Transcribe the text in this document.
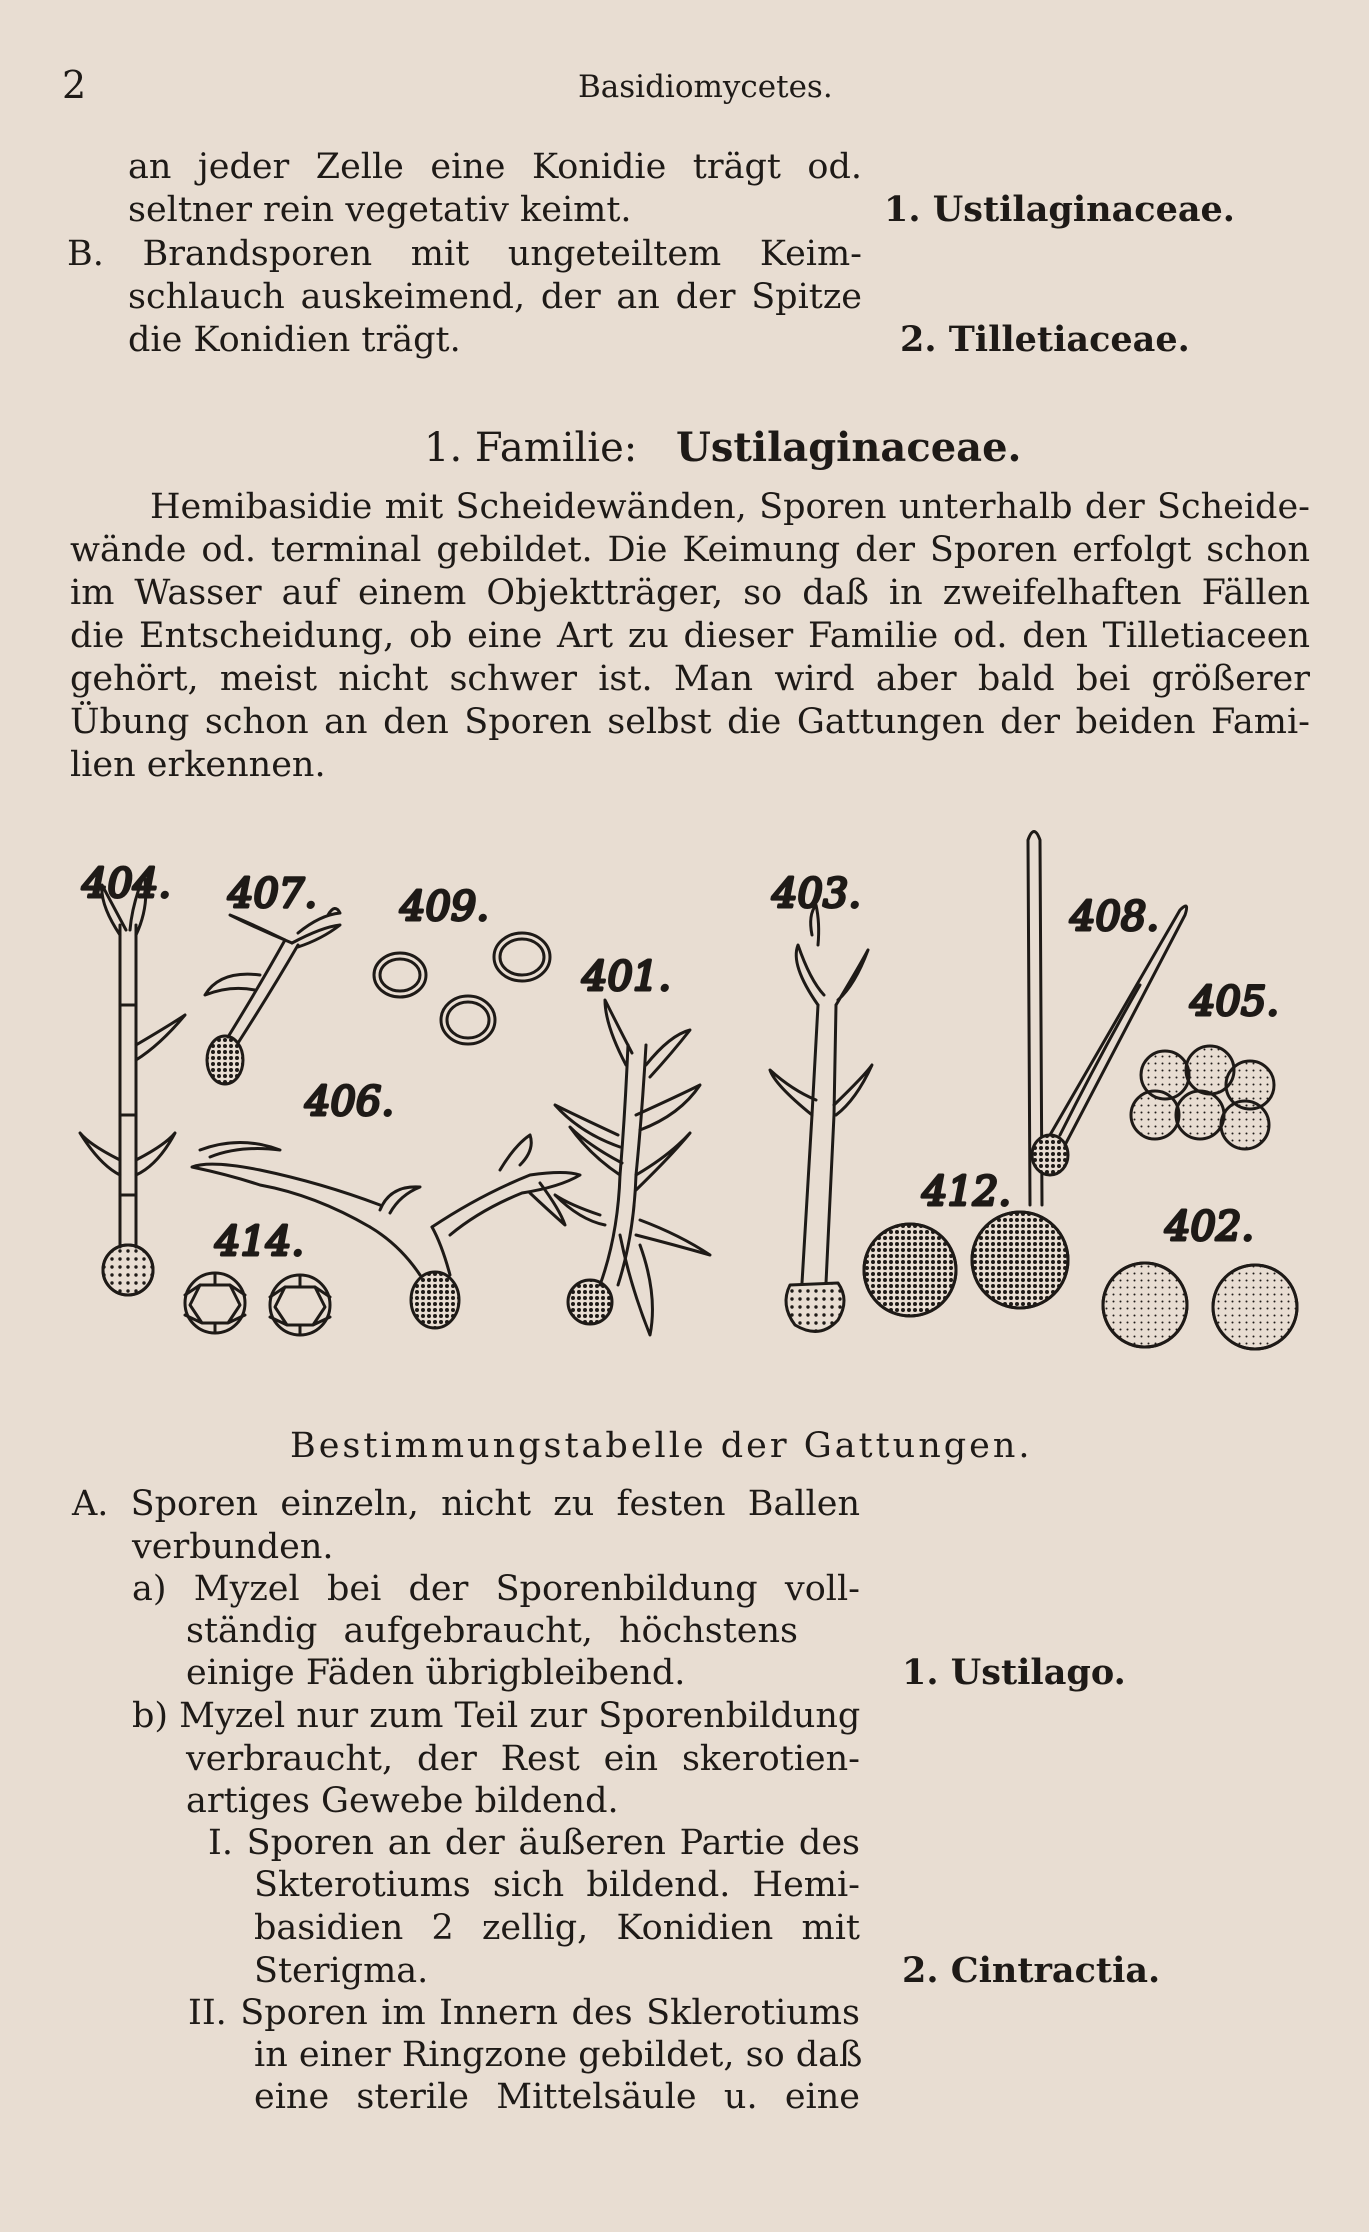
2	Basidiomycetes.
an jeder Zelle eine Konidie trägt od.
seltner rein vegetativ keimt.	1. Ustilaginaceae.
B. Brandsporen mit ungeteiltem Keim-
schlauch auskeimend, der an der Spitze
die Konidien trägt.	2. Tilletiaceae.
1. Familie: Ustilaginaceae.
Hemibasidie mit Scheidewänden, Sporen unterhalb der Scheide-
wände od. terminal gebildet. Die Keimung der Sporen erfolgt schon
im Wasser auf einem Objektträger, so daß in zweifelhaften Fällen
die Entscheidung, ob eine Art zu dieser Familie od. den Tilletiaceen
gehört, meist nicht schwer ist. Man wird aber bald bei größerer
Übung schon an den Sporen selbst die Gattungen der beiden Fami-
lien erkennen.
404. 407. 409.
401.
403.	408.
405.
406.
414.
412.
402.
Bestimmungstabelle der Gattungen.
A. Sporen einzeln, nicht zu festen Ballen
verbunden.
a) Myzel bei der Sporenbildung voll-
ständig aufgebraucht, höchstens
einige Fäden übrigbleibend.	1. Ustilago.
b) Myzel nur zum Teil zur Sporenbildung
verbraucht, der Rest ein skerotien-
artiges Gewebe bildend.
I. Sporen an der äußeren Partie des
Skterotiums sich bildend. Hemi-
basidien 2 zellig, Konidien mit
Sterigma.	2. Cintractia.
II. Sporen im Innern des Sklerotiums
in einer Ringzone gebildet, so daß
eine sterile Mittelsäule u. eine
